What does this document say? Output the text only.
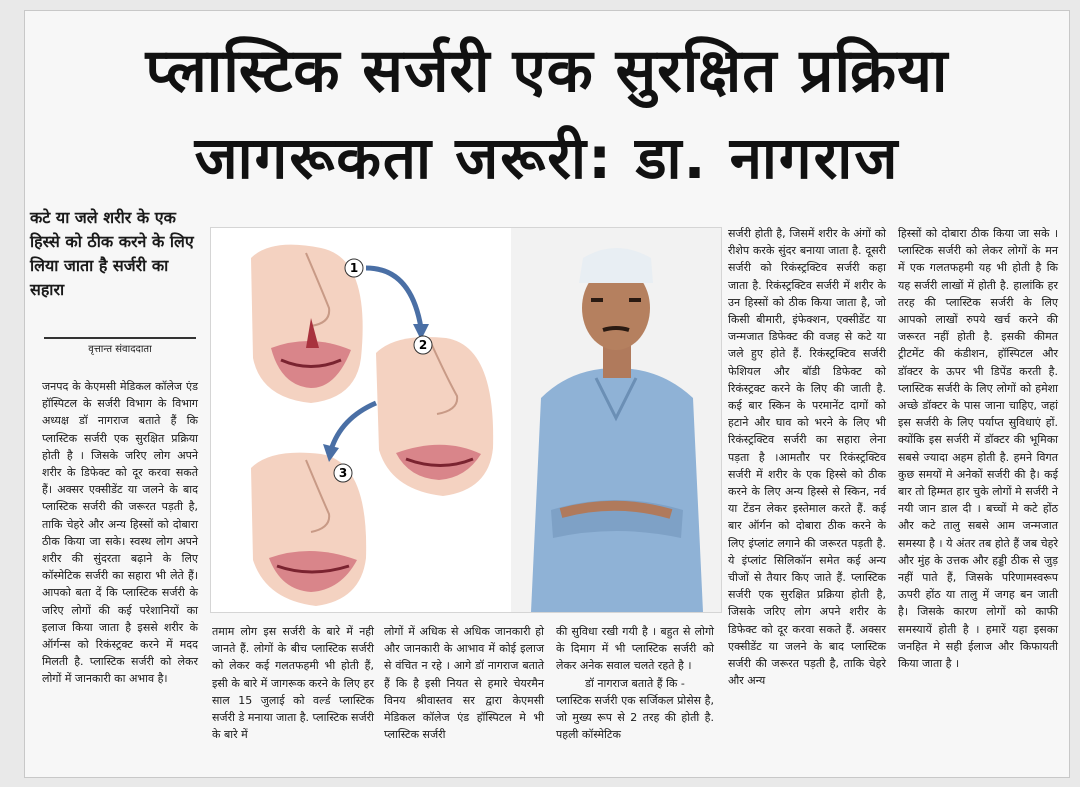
प्लास्टिक सर्जरी एक सुरक्षित प्रक्रिया
जागरूकता जरूरी: डा. नागराज
कटे या जले शरीर के एक हिस्से को ठीक करने के लिए लिया जाता है सर्जरी का सहारा
वृत्तान्त संवाददाता

जनपद के केएमसी मेडिकल कॉलेज एंड हॉस्पिटल के सर्जरी विभाग के विभाग अध्यक्ष डॉ नागराज बताते हैं कि प्लास्टिक सर्जरी एक सुरक्षित प्रक्रिया होती है । जिसके जरिए लोग अपने शरीर के डिफेक्ट को दूर करवा सकते हैं। अक्सर एक्सीडेंट या जलने के बाद प्लास्टिक सर्जरी की जरूरत पड़ती है, ताकि चेहरे और अन्य हिस्सों को दोबारा ठीक किया जा सके। स्वस्थ लोग अपने शरीर की सुंदरता बढ़ाने के लिए कॉस्मेटिक सर्जरी का सहारा भी लेते हैं। आपको बता दें कि प्लास्टिक सर्जरी के जरिए लोगों की कई परेशानियों का इलाज किया जाता है इससे शरीर के ऑर्गन्स को रिकंस्ट्रक्ट करने में मदद मिलती है. प्लास्टिक सर्जरी को लेकर लोगों में जानकारी का अभाव है।

1
2
3

तमाम लोग इस सर्जरी के बारे में नही जानते हैं. लोगों के बीच प्लास्टिक सर्जरी को लेकर कई गलतफहमी भी होती हैं, इसी के बारे में जागरूक करने के लिए हर साल 15 जुलाई को वर्ल्ड प्लास्टिक सर्जरी डे मनाया जाता है. प्लास्टिक सर्जरी के बारे में

लोगों में अधिक से अधिक जानकारी हो और जानकारी के आभाव में कोई इलाज से वंचित न रहे । आगे डॉ नागराज बताते हैं कि है इसी नियत से हमारे चेयरमैन विनय श्रीवास्तव सर द्वारा केएमसी मेडिकल कॉलेज एंड हॉस्पिटल मे भी प्लास्टिक सर्जरी

की सुविधा रखी गयी है । बहुत से लोगो के दिमाग में भी प्लास्टिक सर्जरी को लेकर अनेक सवाल चलते रहते है ।

डॉ नागराज बताते हैं कि -

प्लास्टिक सर्जरी एक सर्जिकल प्रोसेस है, जो मुख्य रूप से 2 तरह की होती है. पहली कॉस्मेटिक

सर्जरी होती है, जिसमें शरीर के अंगों को रीशेप करके सुंदर बनाया जाता है. दूसरी सर्जरी को रिकंस्ट्रक्टिव सर्जरी कहा जाता है. रिकंस्ट्रक्टिव सर्जरी में शरीर के उन हिस्सों को ठीक किया जाता है, जो किसी बीमारी, इंफेक्शन, एक्सीडेंट या जन्मजात डिफेक्ट की वजह से कटे या जले हुए होते हैं. रिकंस्ट्रक्टिव सर्जरी फेशियल और बॉडी डिफेक्ट को रिकंस्ट्रक्ट करने के लिए की जाती है. कई बार स्किन के परमानेंट दागों को हटाने और घाव को भरने के लिए भी रिकंस्ट्रक्टिव सर्जरी का सहारा लेना पड़ता है ।आमतौर पर रिकंस्ट्रक्टिव सर्जरी में शरीर के एक हिस्से को ठीक करने के लिए अन्य हिस्से से स्किन, नर्व या टेंडन लेकर इस्तेमाल करते हैं. कई बार ऑर्गन को दोबारा ठीक करने के लिए इंप्लांट लगाने की जरूरत पड़ती है. ये इंप्लांट सिलिकॉन समेत कई अन्य चीजों से तैयार किए जाते हैं. प्लास्टिक सर्जरी एक सुरक्षित प्रक्रिया होती है, जिसके जरिए लोग अपने शरीर के डिफेक्ट को दूर करवा सकते हैं. अक्सर एक्सीडेंट या जलने के बाद प्लास्टिक सर्जरी की जरूरत पड़ती है, ताकि चेहरे और अन्य

हिस्सों को दोबारा ठीक किया जा सके । प्लास्टिक सर्जरी को लेकर लोगों के मन में एक गलतफहमी यह भी होती है कि यह सर्जरी लाखों में होती है. हालांकि हर तरह की प्लास्टिक सर्जरी के लिए आपको लाखों रुपये खर्च करने की जरूरत नहीं होती है. इसकी कीमत ट्रीटमेंट की कंडीशन, हॉस्पिटल और डॉक्टर के ऊपर भी डिपेंड करती है. प्लास्टिक सर्जरी के लिए लोगों को हमेशा अच्छे डॉक्टर के पास जाना चाहिए, जहां इस सर्जरी के लिए पर्याप्त सुविधाएं हों. क्योंकि इस सर्जरी में डॉक्टर की भूमिका सबसे ज्यादा अहम होती है. हमने विगत कुछ समयों मे अनेकों सर्जरी की है। कई बार तो हिम्मत हार चुके लोगों मे सर्जरी ने नयी जान डाल दी । बच्चों मे कटे होंठ और कटे तालु सबसे आम जन्मजात समस्या है । ये अंतर तब होते हैं जब चेहरे और मुंह के उत्तक और हड्डी ठीक से जुड़ नहीं पाते हैं, जिसके परिणामस्वरूप ऊपरी होंठ या तालु में जगह बन जाती है। जिसके कारण लोगों को काफी समस्यायें होती है । हमारें यहा इसका जनहित मे सही ईलाज और किफायती किया जाता है ।
